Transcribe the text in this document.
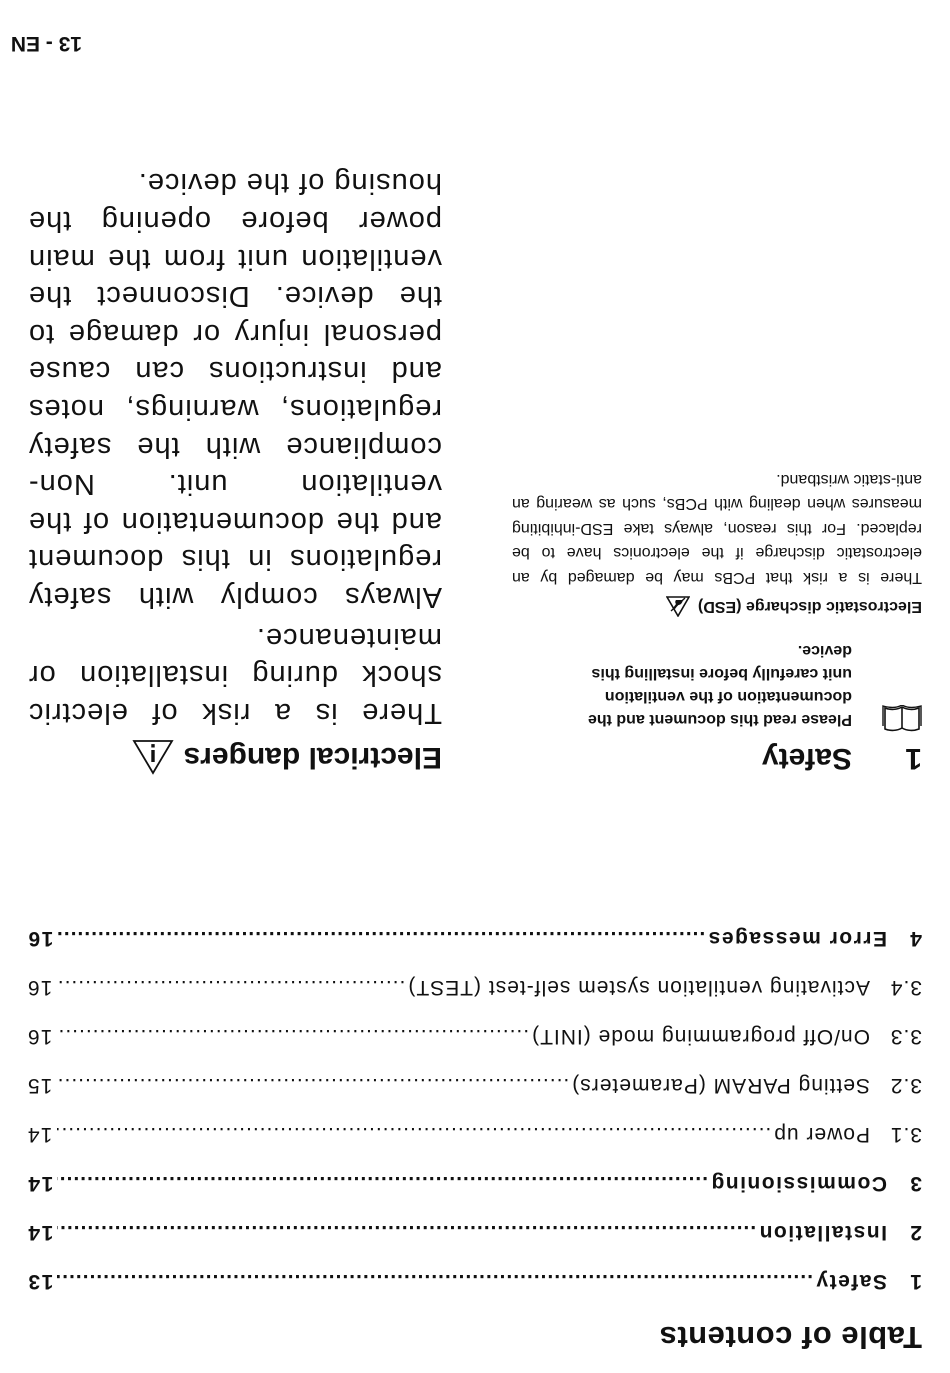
Table of contents
1
Safety
.....
13
2
Installation
.....
14
3
Commissioning
.....
14
3.1
Power up
.....
14
3.2
Setting PARAM (Parameters)
.....
15
3.3
On/Off programming mode (INIT)
.....
16
3.4
Activating ventilation system self-test (TEST)
.....
16
4
Error messages
.....
16
1
Safety

Please read this document and the documentation of the ventilation unit carefully before installing this device.

Electrostatic discharge (ESD)

There is a risk that PCBs may be damaged by an electrostatic discharge if the electronics have to be replaced. For this reason, always take ESD-inhibiting measures when dealing with PCBs, such as wearing an anti-static wristband.

Electrical dangers

There is a risk of electric shock during installation or maintenance.

Always comply with safety regulations in this document and the documentation of the ventilation unit. Non-compliance with the safety regulations, warnings, notes and instructions can cause personal injury or damage to the device. Disconnect the ventilation unit from the main power before opening the housing of the device.

13 - EN
